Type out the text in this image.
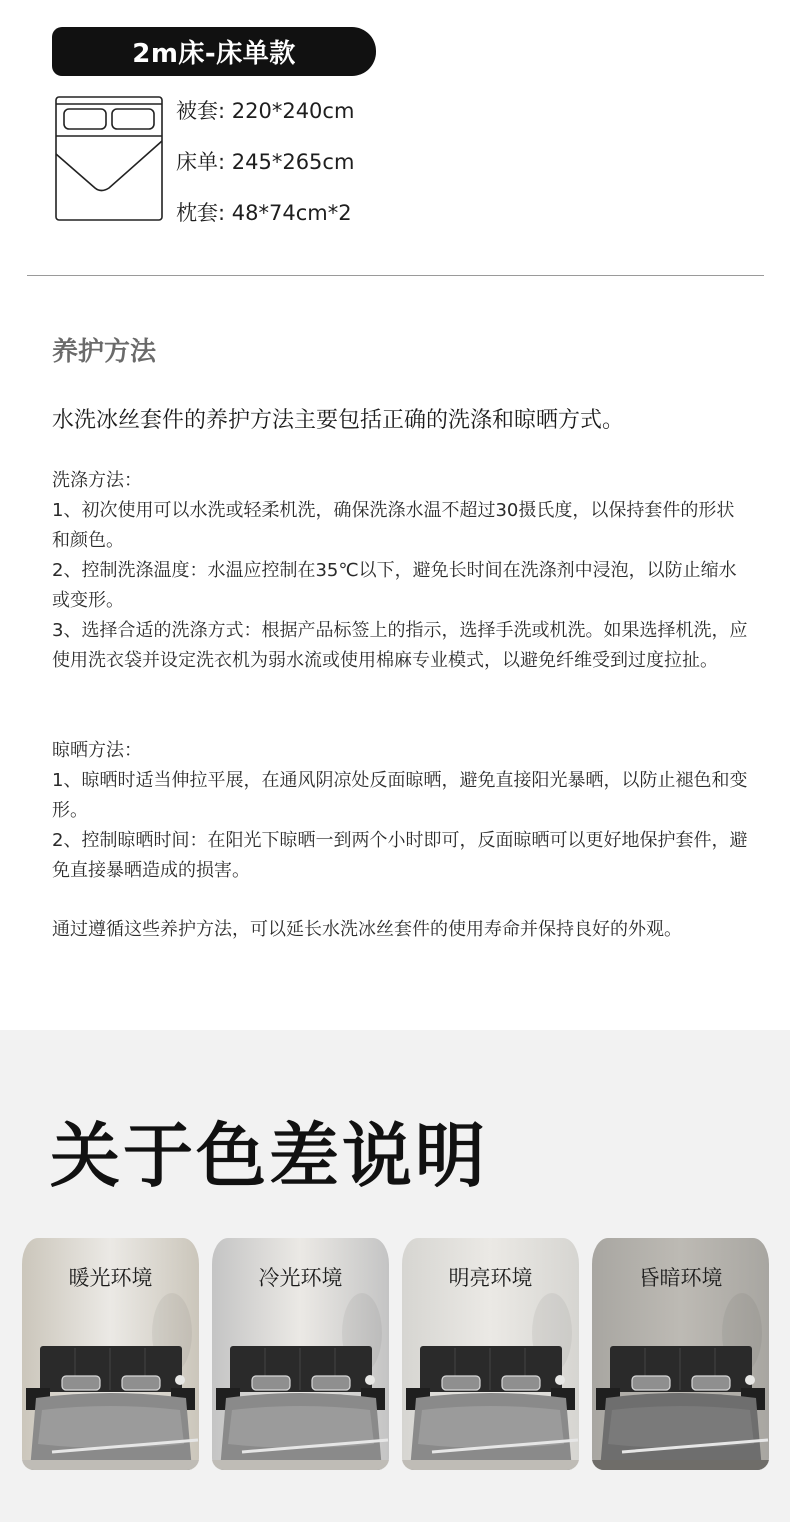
2m床-床单款
被套: 220*240cm
床单: 245*265cm
枕套: 48*74cm*2
养护方法
水洗冰丝套件的养护方法主要包括正确的洗涤和晾晒方式。

洗涤方法：

1、初次使用可以水洗或轻柔机洗，确保洗涤水温不超过30摄氏度，以保持套件的形状和颜色。

2、控制洗涤温度：水温应控制在35℃以下，避免长时间在洗涤剂中浸泡，以防止缩水或变形。

3、选择合适的洗涤方式：根据产品标签上的指示，选择手洗或机洗。如果选择机洗，应使用洗衣袋并设定洗衣机为弱水流或使用棉麻专业模式，以避免纤维受到过度拉扯。

晾晒方法：

1、晾晒时适当伸拉平展，在通风阴凉处反面晾晒，避免直接阳光暴晒，以防止褪色和变形。

2、控制晾晒时间：在阳光下晾晒一到两个小时即可，反面晾晒可以更好地保护套件，避免直接暴晒造成的损害。

通过遵循这些养护方法，可以延长水洗冰丝套件的使用寿命并保持良好的外观。

关于色差说明
暖光环境	冷光环境	明亮环境	昏暗环境
